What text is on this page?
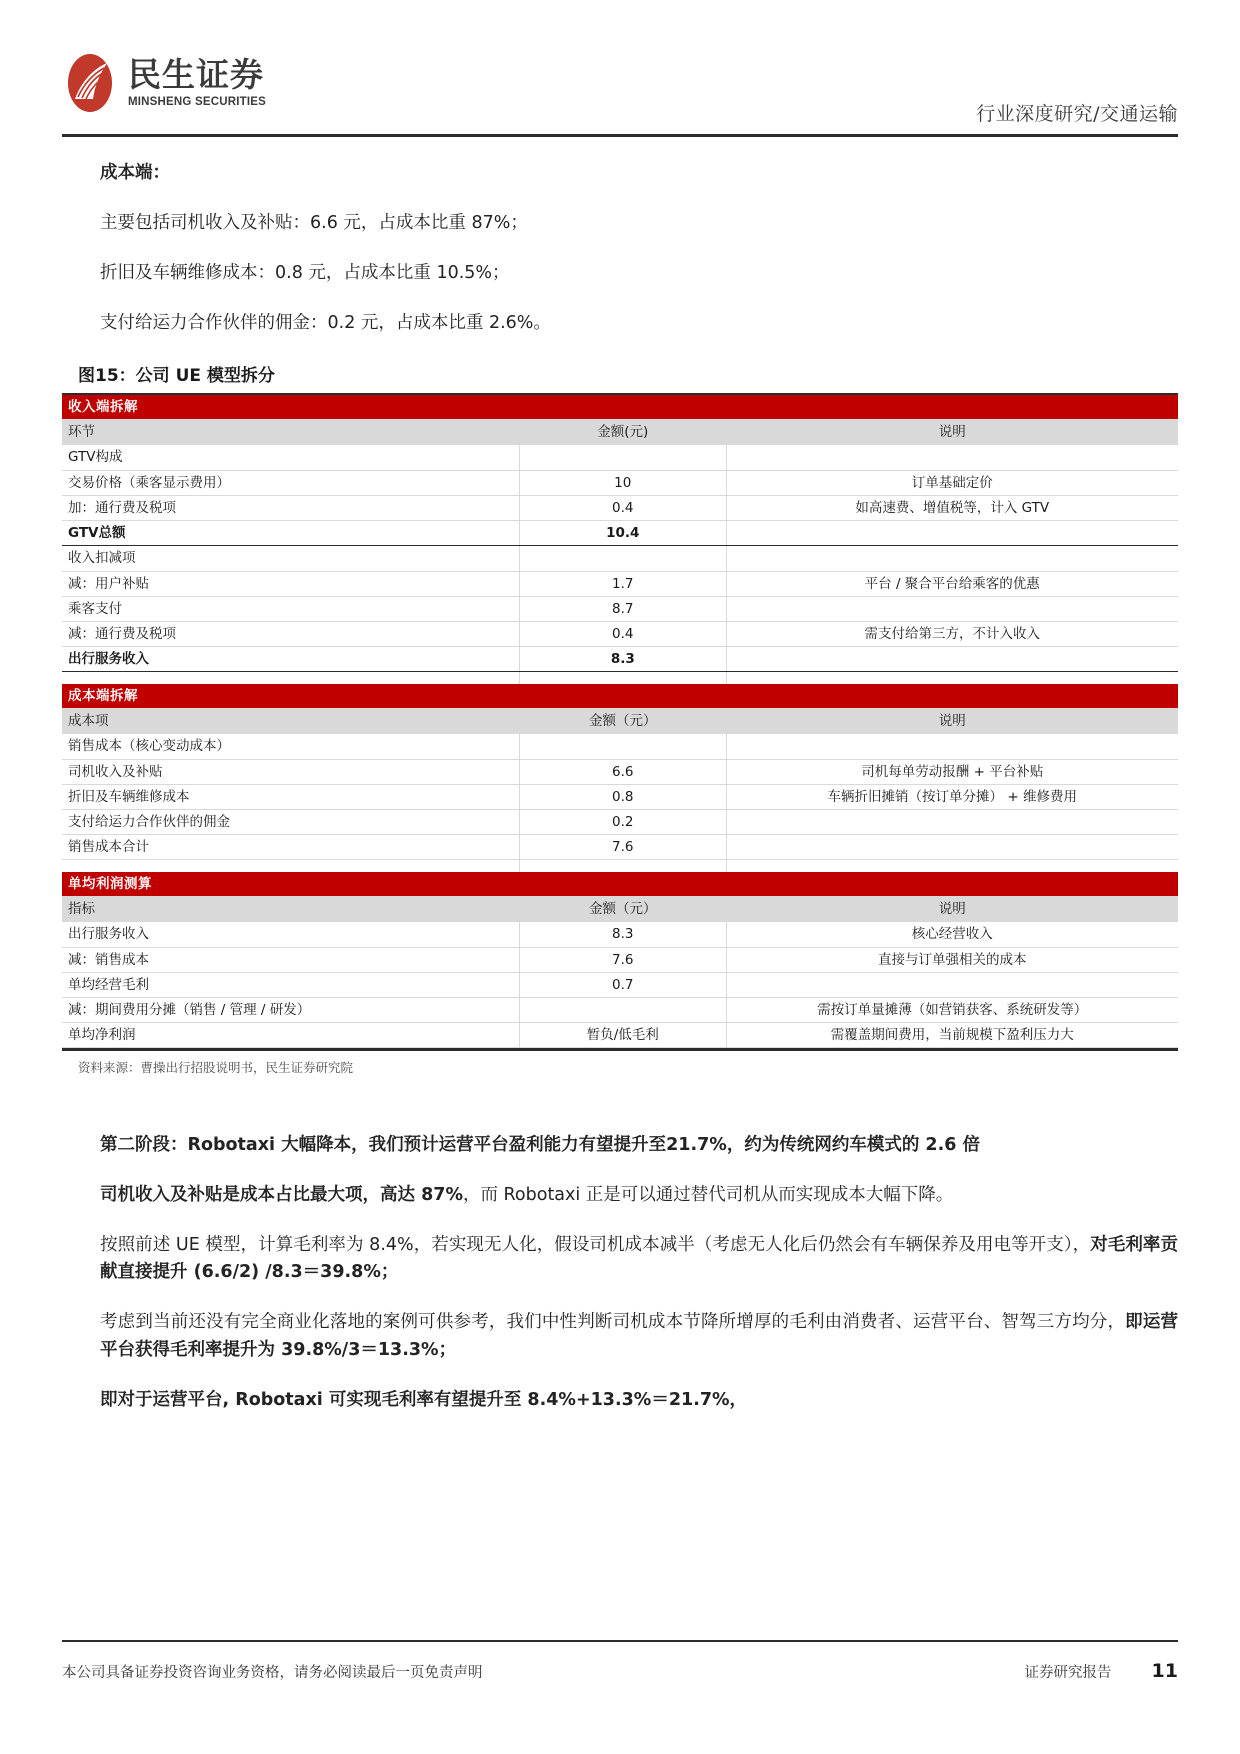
民生证券
MINSHENG SECURITIES
行业深度研究/交通运输

成本端：

主要包括司机收入及补贴：6.6 元，占成本比重 87%；

折旧及车辆维修成本：0.8 元，占成本比重 10.5%；

支付给运力合作伙伴的佣金：0.2 元，占成本比重 2.6%。

图15：公司 UE 模型拆分
收入端拆解		
环节	金额(元)	说明
GTV构成		
交易价格（乘客显示费用）	10	订单基础定价
加：通行费及税项	0.4	如高速费、增值税等，计入 GTV
GTV总额	10.4	
收入扣减项		
减：用户补贴	1.7	平台 / 聚合平台给乘客的优惠
乘客支付	8.7	
减：通行费及税项	0.4	需支付给第三方，不计入收入
出行服务收入	8.3	

成本端拆解		
成本项	金额（元）	说明
销售成本（核心变动成本）		
司机收入及补贴	6.6	司机每单劳动报酬 + 平台补贴
折旧及车辆维修成本	0.8	车辆折旧摊销（按订单分摊） + 维修费用
支付给运力合作伙伴的佣金	0.2	
销售成本合计	7.6	

单均利润测算		
指标	金额（元）	说明
出行服务收入	8.3	核心经营收入
减：销售成本	7.6	直接与订单强相关的成本
单均经营毛利	0.7	
减：期间费用分摊（销售 / 管理 / 研发）		需按订单量摊薄（如营销获客、系统研发等）
单均净利润	暂负/低毛利	需覆盖期间费用，当前规模下盈利压力大
资料来源：曹操出行招股说明书，民生证券研究院

第二阶段：Robotaxi 大幅降本，我们预计运营平台盈利能力有望提升至21.7%，约为传统网约车模式的 2.6 倍

司机收入及补贴是成本占比最大项，高达 87%，而 Robotaxi 正是可以通过替代司机从而实现成本大幅下降。

按照前述 UE 模型，计算毛利率为 8.4%，若实现无人化，假设司机成本减半（考虑无人化后仍然会有车辆保养及用电等开支），对毛利率贡献直接提升 (6.6/2) /8.3＝39.8%；

考虑到当前还没有完全商业化落地的案例可供参考，我们中性判断司机成本节降所增厚的毛利由消费者、运营平台、智驾三方均分，即运营平台获得毛利率提升为 39.8%/3＝13.3%；

即对于运营平台, Robotaxi 可实现毛利率有望提升至 8.4%+13.3%＝21.7%，

本公司具备证券投资咨询业务资格，请务必阅读最后一页免责声明	证券研究报告 11
